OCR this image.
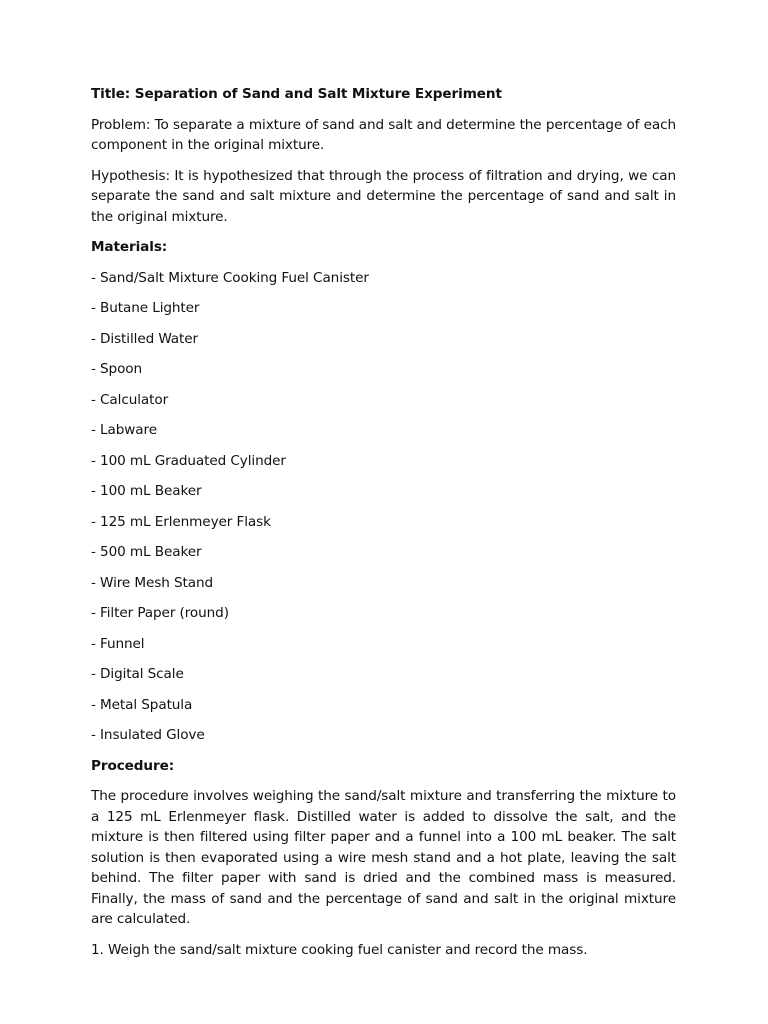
Title: Separation of Sand and Salt Mixture Experiment

Problem: To separate a mixture of sand and salt and determine the percentage of each component in the original mixture.

Hypothesis: It is hypothesized that through the process of filtration and drying, we can separate the sand and salt mixture and determine the percentage of sand and salt in the original mixture.

Materials:

- Sand/Salt Mixture Cooking Fuel Canister

- Butane Lighter

- Distilled Water

- Spoon

- Calculator

- Labware

- 100 mL Graduated Cylinder

- 100 mL Beaker

- 125 mL Erlenmeyer Flask

- 500 mL Beaker

- Wire Mesh Stand

- Filter Paper (round)

- Funnel

- Digital Scale

- Metal Spatula

- Insulated Glove

Procedure:

The procedure involves weighing the sand/salt mixture and transferring the mixture to a 125 mL Erlenmeyer flask. Distilled water is added to dissolve the salt, and the mixture is then filtered using filter paper and a funnel into a 100 mL beaker. The salt solution is then evaporated using a wire mesh stand and a hot plate, leaving the salt behind. The filter paper with sand is dried and the combined mass is measured. Finally, the mass of sand and the percentage of sand and salt in the original mixture are calculated.

1. Weigh the sand/salt mixture cooking fuel canister and record the mass.
